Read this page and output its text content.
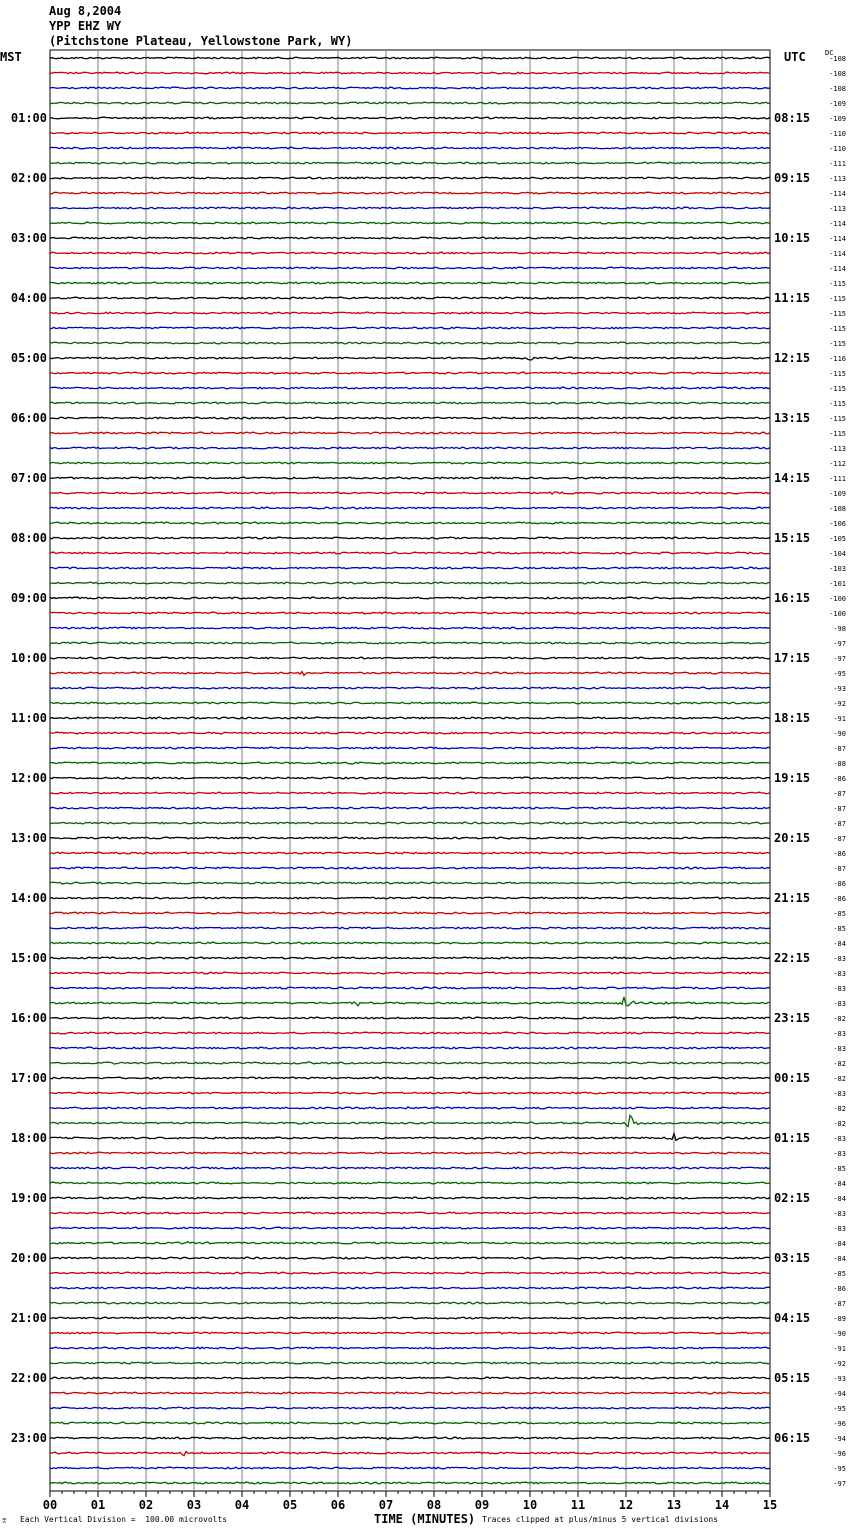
00	01	02	03	04	05	06	07	08	09	10	11	12	13	14	15
-108
-108
-108
-109
-109
-110
-110
-111
-113
-114
-113
-114
-114
-114
-114
-115
-115
-115
-115
-115
-116
-115
-115
-115
-115
-115
-113
-112
-111
-109
-108
-106
-105
-104
-103
-101
-100
-100
-98
-97
-97
-95
-93
-92
-91
-90
-87
-88
-86
-87
-87
-87
-87
-86
-87
-86
-86
-85
-85
-84
-83
-83
-83
-83
-82
-83
-83
-82
-82
-83
-82
-82
-83
-83
-85
-84
-84
-83
-83
-84
-84
-85
-86
-87
-89
-90
-91
-92
-93
-94
-95
-96
-94
-96
-95
-97
01:00	08:15
02:00	09:15
03:00	10:15
04:00	11:15
05:00	12:15
06:00	13:15
07:00	14:15
08:00	15:15
09:00	16:15
10:00	17:15
11:00	18:15
12:00	19:15
13:00	20:15
14:00	21:15
15:00	22:15
16:00	23:15
17:00	00:15
18:00	01:15
19:00	02:15
20:00	03:15
21:00	04:15
22:00	05:15
23:00	06:15
Aug 8,2004
YPP EHZ WY
(Pitchstone Plateau, Yellowstone Park, WY)
MST	UTC	DC
⌆ Each Vertical Division =  100.00 microvolts	TIME (MINUTES) Traces clipped at plus/minus 5 vertical divisions
